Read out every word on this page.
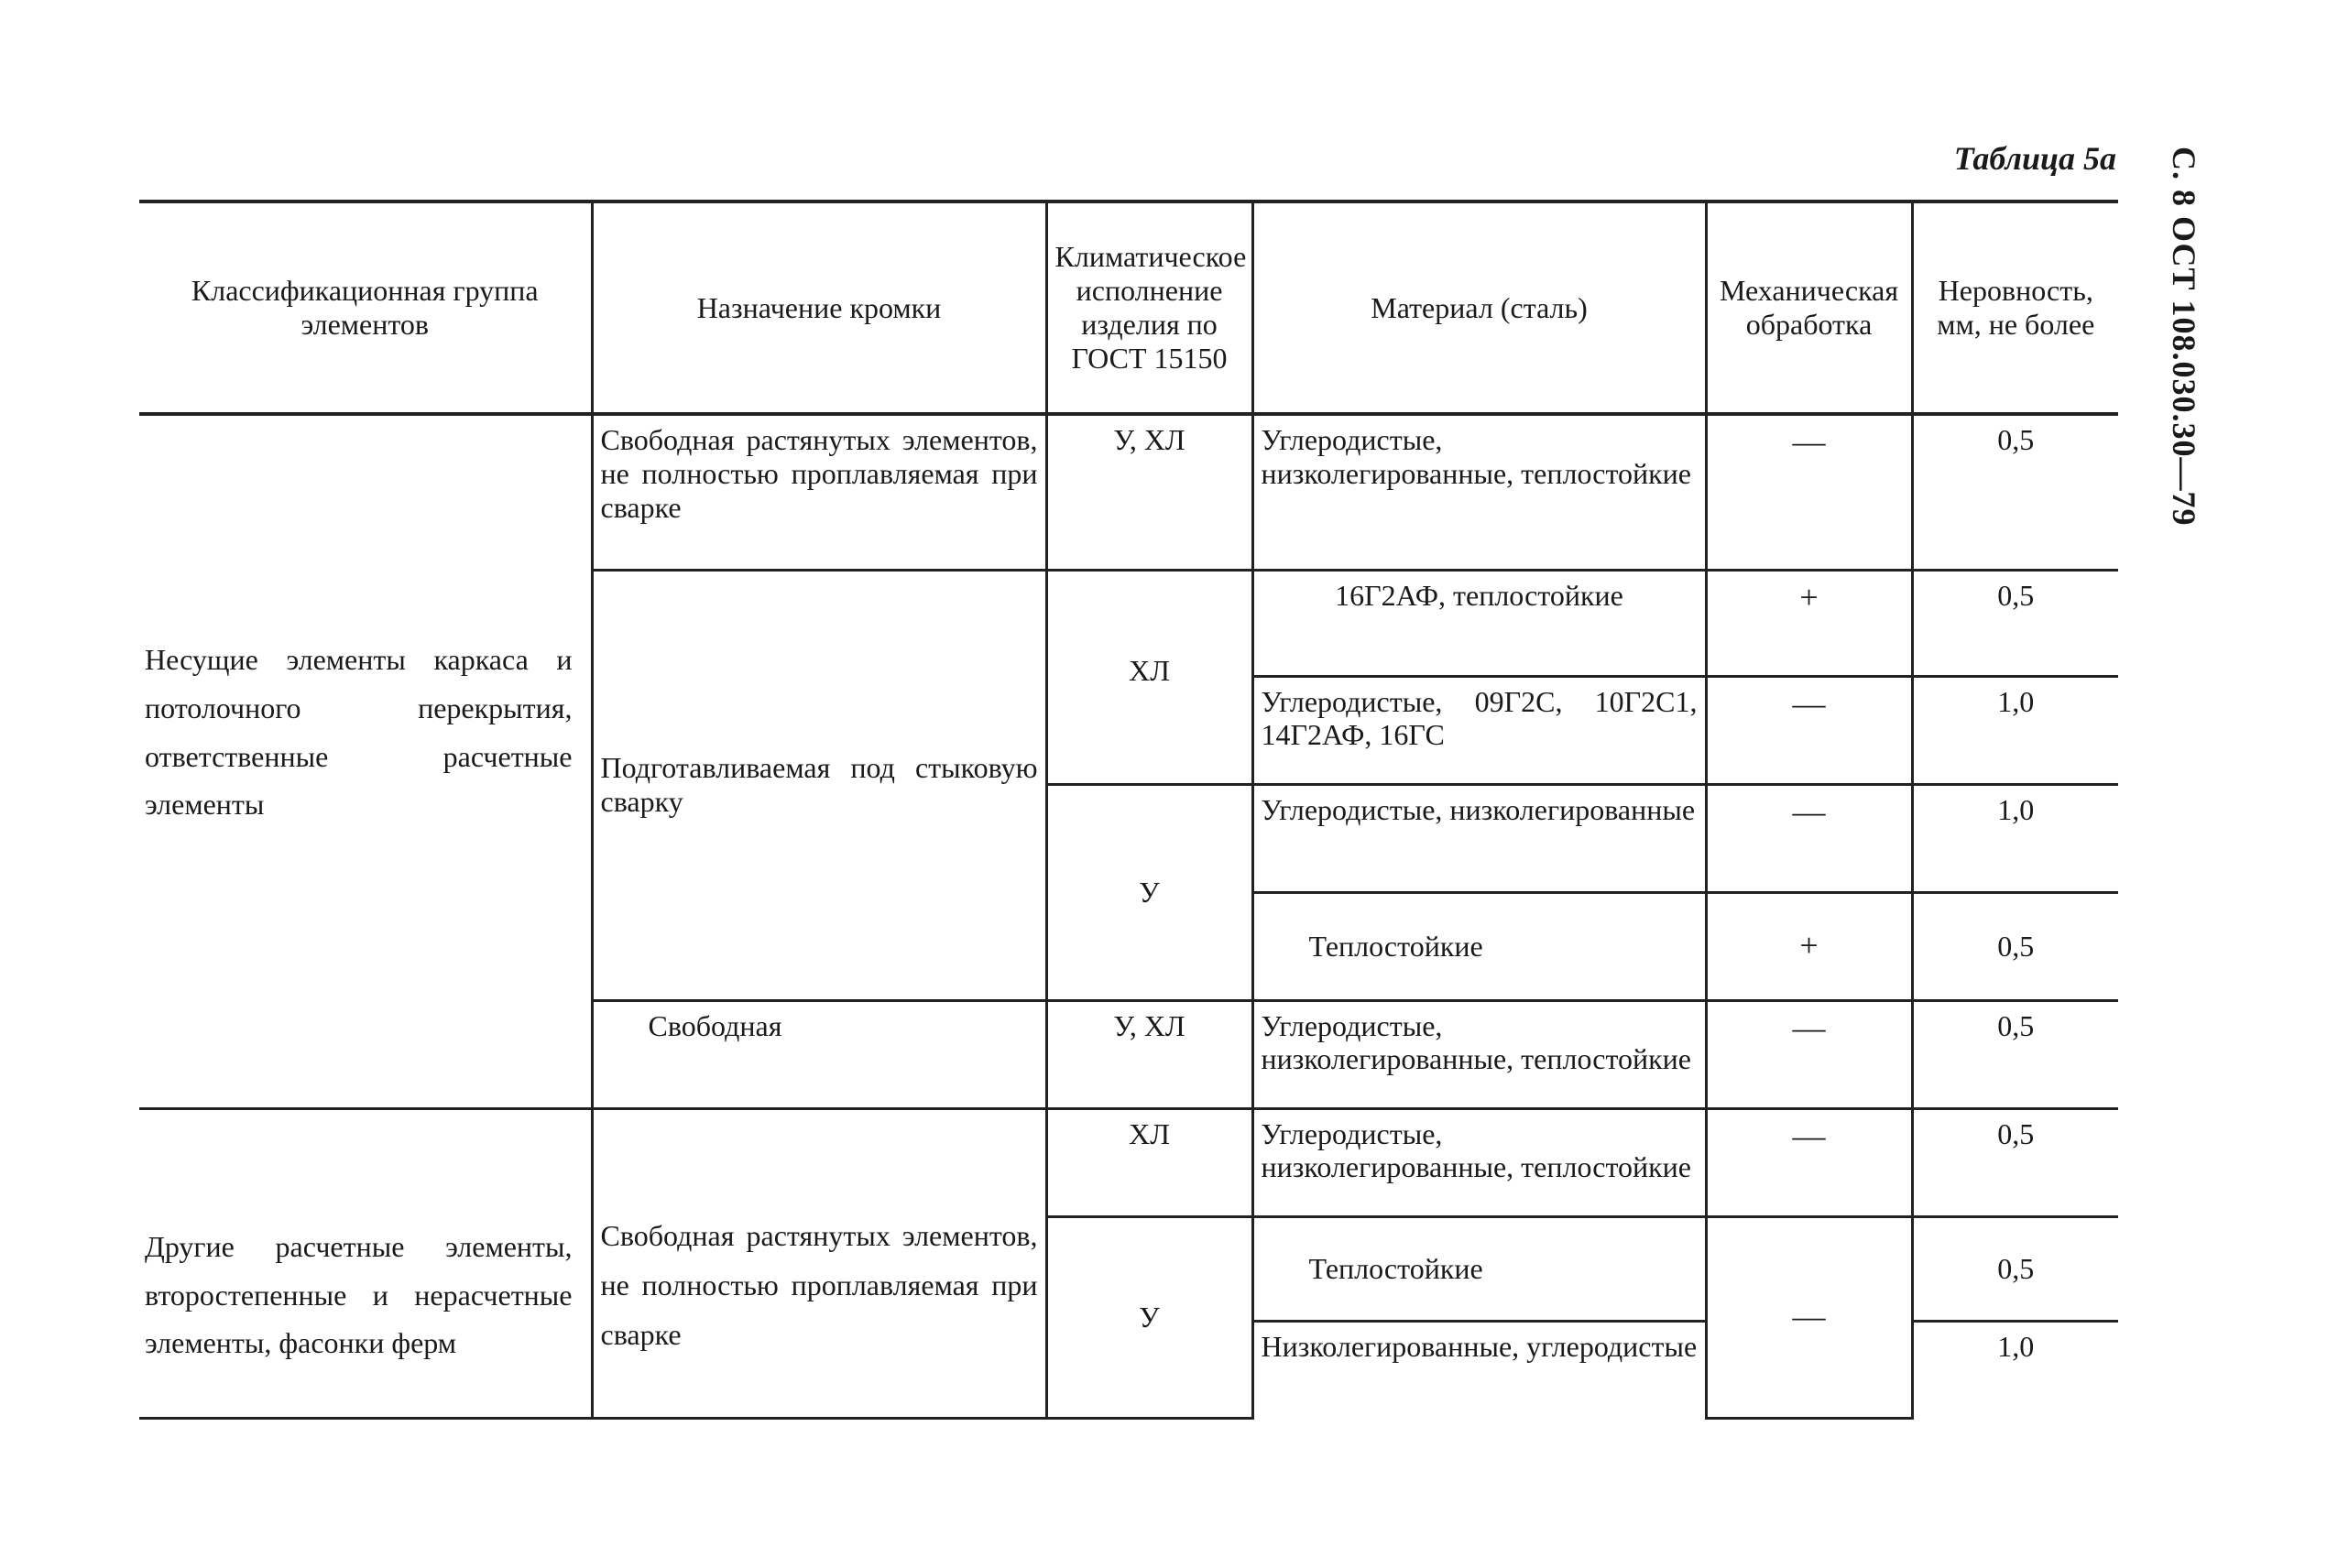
Таблица 5а	С. 8 ОСТ 108.030.30—79
Классификационная группа элементов	Назначение кромки	Климатическое исполнение изделия по ГОСТ 15150	Материал (сталь)	Механическая обработка	Неровность, мм, не более
Несущие элементы каркаса и потолочного перекрытия, ответственные расчетные элементы	Свободная растянутых элементов, не полностью проплавляемая при сварке	У, ХЛ	Углеродистые, низколегированные, теплостойкие	—	0,5
	Подготавливаемая под стыковую сварку	ХЛ	16Г2АФ, теплостойкие	+	0,5
			Углеродистые, 09Г2С, 10Г2С1, 14Г2АФ, 16ГС	—	1,0
		У	Углеродистые, низколегированные	—	1,0
			Теплостойкие	+	0,5
	Свободная	У, ХЛ	Углеродистые, низколегированные, теплостойкие	—	0,5
Другие расчетные элементы, второстепенные и нерасчетные элементы, фасонки ферм	Свободная растянутых элементов, не полностью проплавляемая при сварке	ХЛ	Углеродистые, низколегированные, теплостойкие	—	0,5
		У	Теплостойкие	—	0,5
			Низколегированные, углеродистые		1,0
